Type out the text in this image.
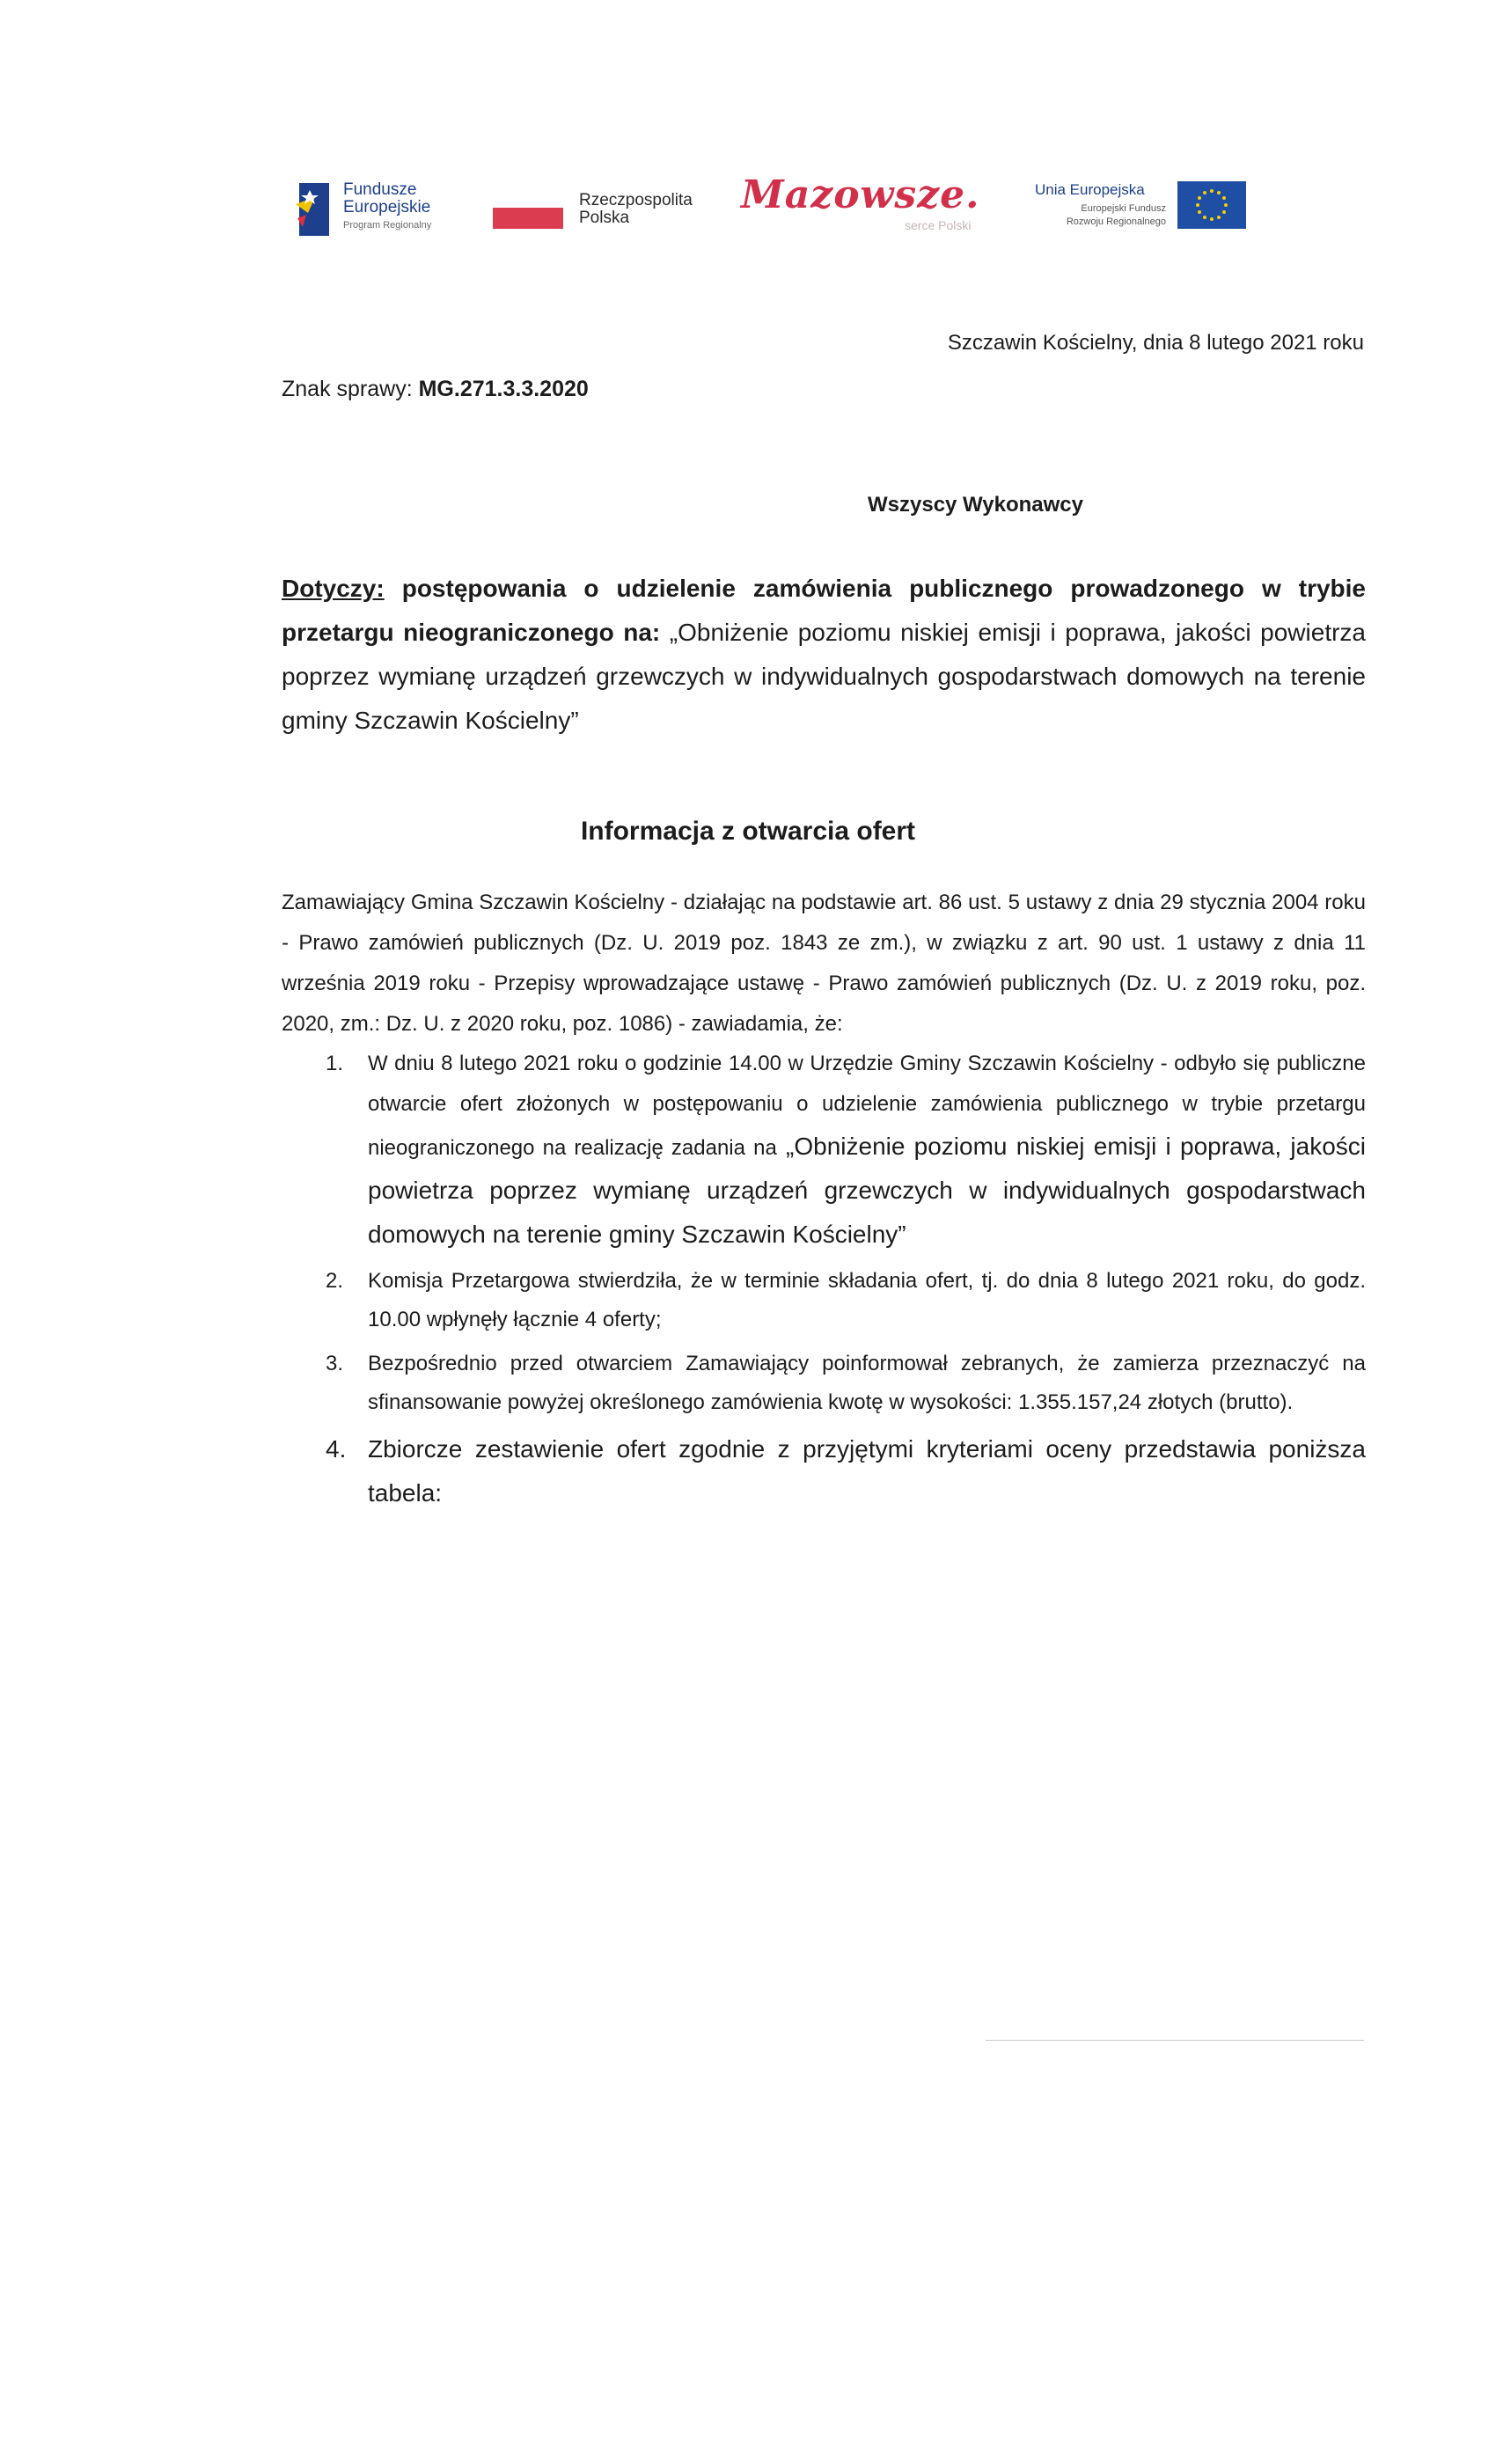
Fundusze
Europejskie
Program Regionalny
Rzeczpospolita
Polska
Mazowsze.
serce Polski
Unia Europejska
Europejski Fundusz
Rozwoju Regionalnego
Szczawin Kościelny, dnia 8 lutego 2021 roku
Znak sprawy: MG.271.3.3.2020
Wszyscy Wykonawcy
Dotyczy: postępowania o udzielenie zamówienia publicznego prowadzonego w trybie przetargu nieograniczonego na: „Obniżenie poziomu niskiej emisji i poprawa, jakości powietrza poprzez wymianę urządzeń grzewczych w indywidualnych gospodarstwach domowych na terenie gminy Szczawin Kościelny”
Informacja z otwarcia ofert
Zamawiający Gmina Szczawin Kościelny - działając na podstawie art. 86 ust. 5 ustawy z dnia 29 stycznia 2004 roku - Prawo zamówień publicznych (Dz. U. 2019 poz. 1843 ze zm.), w związku z art. 90 ust. 1 ustawy z dnia 11 września 2019 roku - Przepisy wprowadzające ustawę - Prawo zamówień publicznych (Dz. U. z 2019 roku, poz. 2020, zm.: Dz. U. z 2020 roku, poz. 1086) - zawiadamia, że:
1. W dniu 8 lutego 2021 roku o godzinie 14.00 w Urzędzie Gminy Szczawin Kościelny - odbyło się publiczne otwarcie ofert złożonych w postępowaniu o udzielenie zamówienia publicznego w trybie przetargu nieograniczonego na realizację zadania na „Obniżenie poziomu niskiej emisji i poprawa, jakości powietrza poprzez wymianę urządzeń grzewczych w indywidualnych gospodarstwach domowych na terenie gminy Szczawin Kościelny”
2. Komisja Przetargowa stwierdziła, że w terminie składania ofert, tj. do dnia 8 lutego 2021 roku, do godz. 10.00 wpłynęły łącznie 4 oferty;
3. Bezpośrednio przed otwarciem Zamawiający poinformował zebranych, że zamierza przeznaczyć na sfinansowanie powyżej określonego zamówienia kwotę w wysokości: 1.355.157,24 złotych (brutto).
4. Zbiorcze zestawienie ofert zgodnie z przyjętymi kryteriami oceny przedstawia poniższa tabela:
